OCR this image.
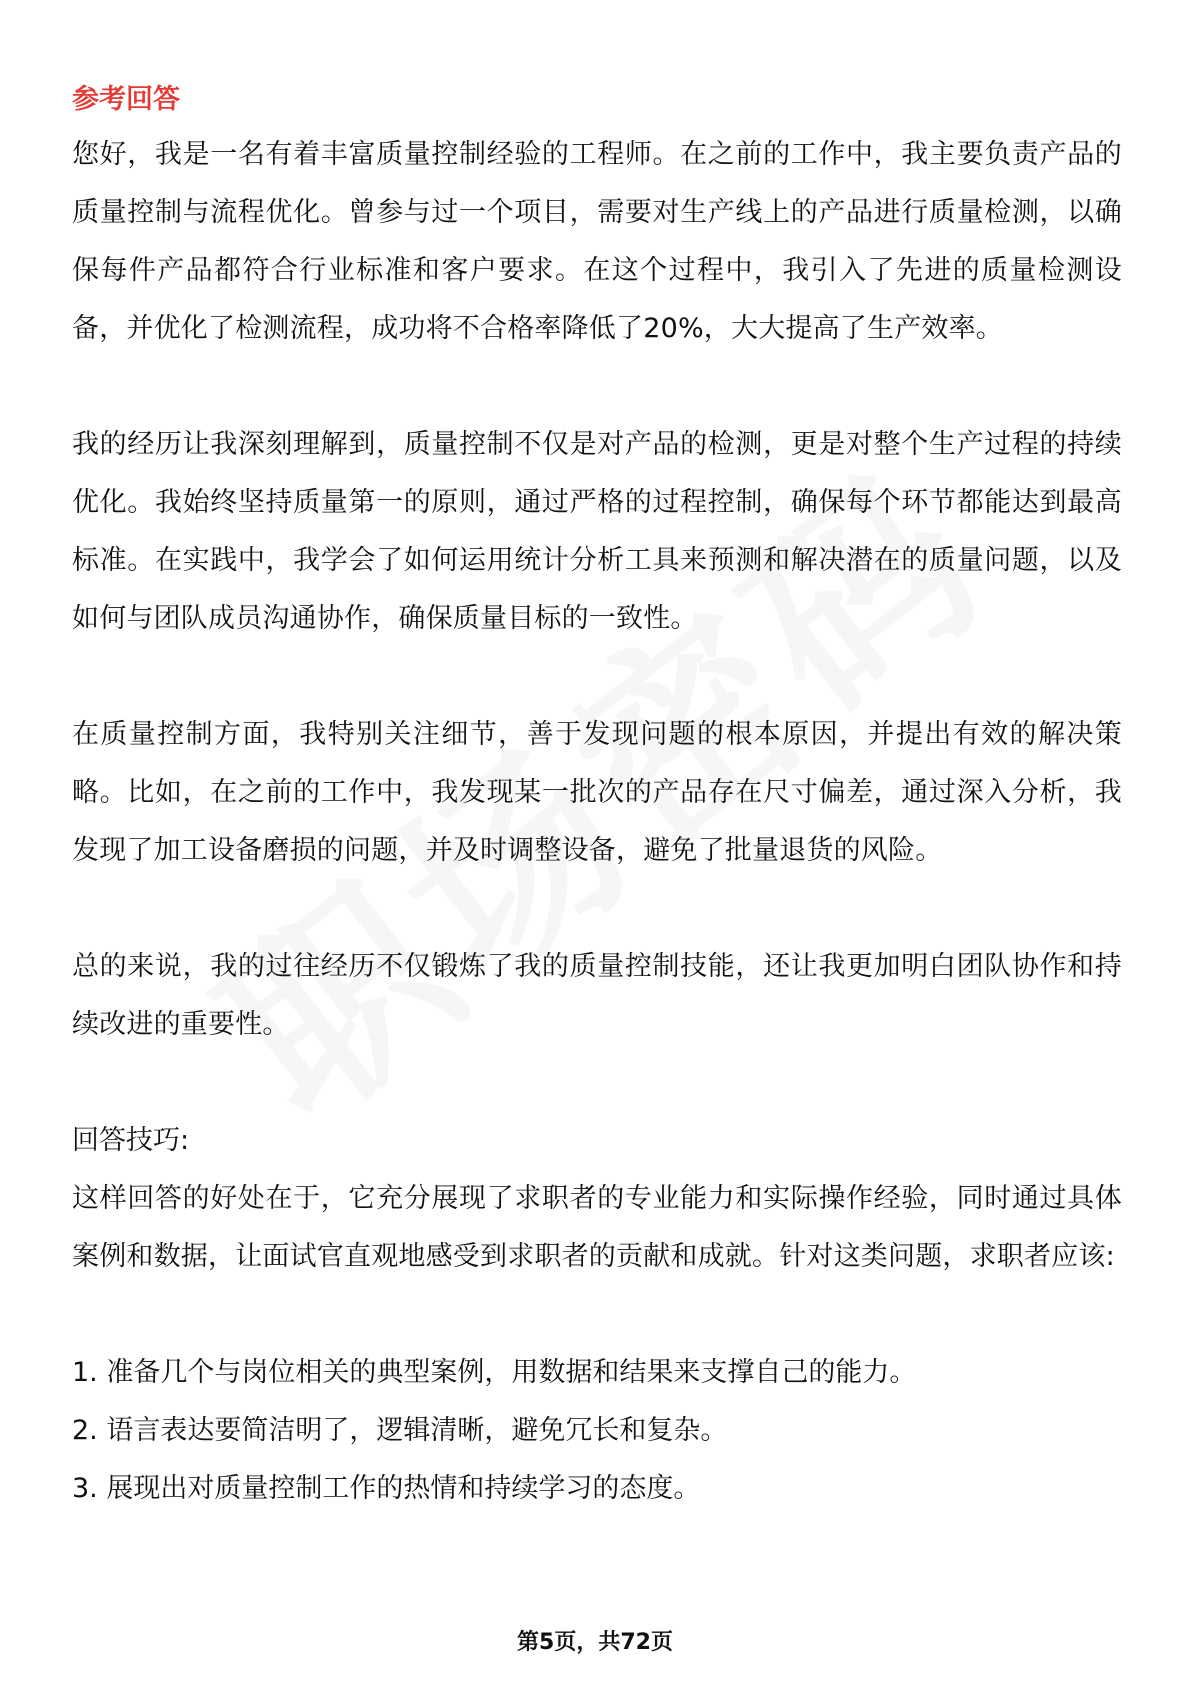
参考回答

您好，我是一名有着丰富质量控制经验的工程师。在之前的工作中，我主要负责产品的质量控制与流程优化。曾参与过一个项目，需要对生产线上的产品进行质量检测，以确保每件产品都符合行业标准和客户要求。在这个过程中，我引入了先进的质量检测设备，并优化了检测流程，成功将不合格率降低了20%，大大提高了生产效率。

我的经历让我深刻理解到，质量控制不仅是对产品的检测，更是对整个生产过程的持续优化。我始终坚持质量第一的原则，通过严格的过程控制，确保每个环节都能达到最高标准。在实践中，我学会了如何运用统计分析工具来预测和解决潜在的质量问题，以及如何与团队成员沟通协作，确保质量目标的一致性。

在质量控制方面，我特别关注细节，善于发现问题的根本原因，并提出有效的解决策略。比如，在之前的工作中，我发现某一批次的产品存在尺寸偏差，通过深入分析，我发现了加工设备磨损的问题，并及时调整设备，避免了批量退货的风险。

总的来说，我的过往经历不仅锻炼了我的质量控制技能，还让我更加明白团队协作和持续改进的重要性。

回答技巧:

这样回答的好处在于，它充分展现了求职者的专业能力和实际操作经验，同时通过具体案例和数据，让面试官直观地感受到求职者的贡献和成就。针对这类问题，求职者应该:

1. 准备几个与岗位相关的典型案例，用数据和结果来支撑自己的能力。
2. 语言表达要简洁明了，逻辑清晰，避免冗长和复杂。
3. 展现出对质量控制工作的热情和持续学习的态度。
第5页，共72页
